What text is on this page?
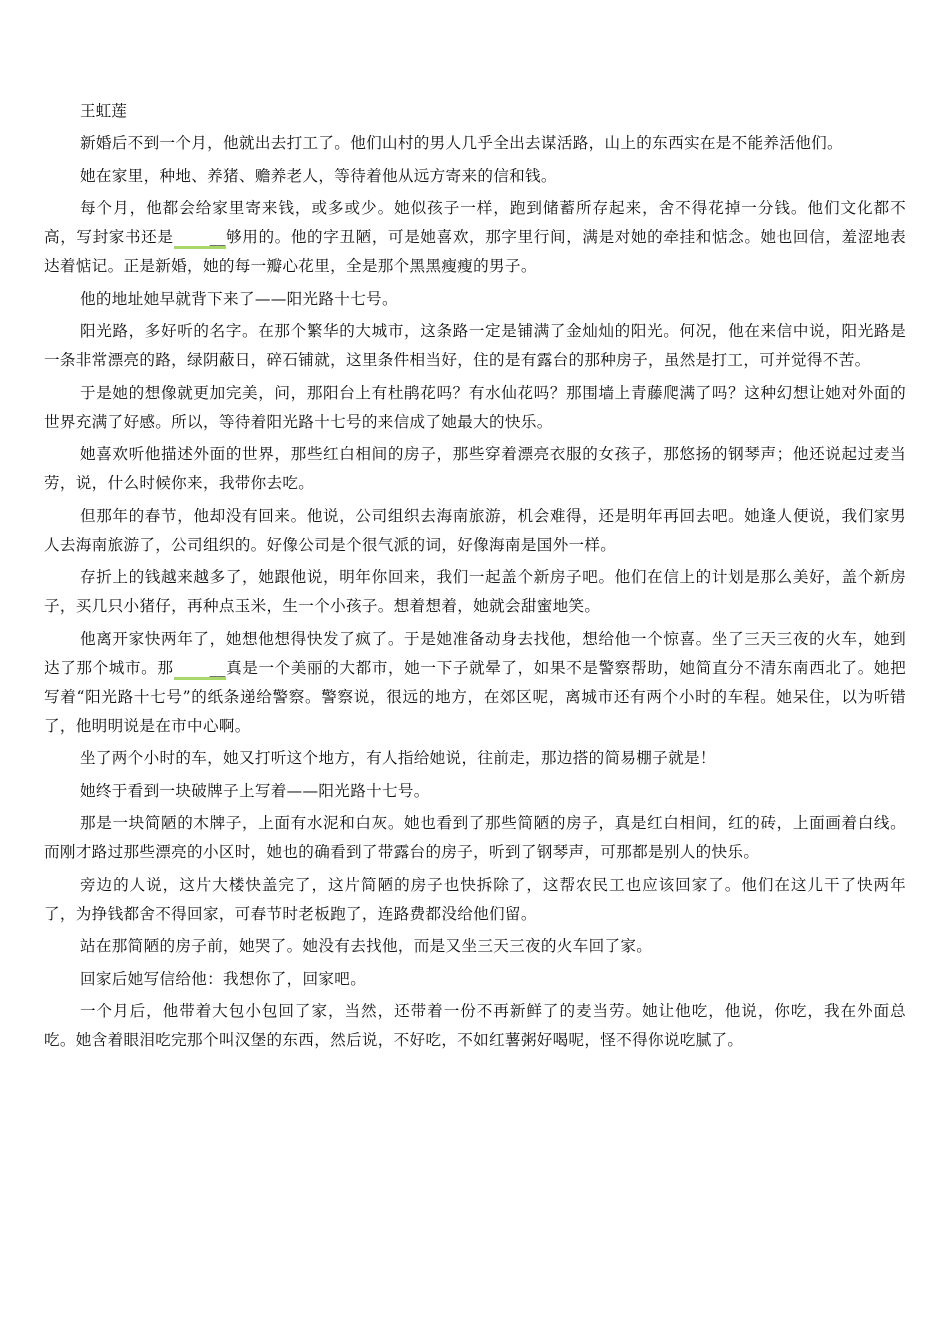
王虹莲

新婚后不到一个月，他就出去打工了。他们山村的男人几乎全出去谋活路，山上的东西实在是不能养活他们。

她在家里，种地、养猪、赡养老人，等待着他从远方寄来的信和钱。

每个月，他都会给家里寄来钱，或多或少。她似孩子一样，跑到储蓄所存起来，舍不得花掉一分钱。他们文化都不高，写封家书还是 __够用的。他的字丑陋，可是她喜欢，那字里行间，满是对她的牵挂和惦念。她也回信，羞涩地表达着惦记。正是新婚，她的每一瓣心花里，全是那个黑黑瘦瘦的男子。

他的地址她早就背下来了——阳光路十七号。

阳光路，多好听的名字。在那个繁华的大城市，这条路一定是铺满了金灿灿的阳光。何况，他在来信中说，阳光路是一条非常漂亮的路，绿阴蔽日，碎石铺就，这里条件相当好，住的是有露台的那种房子，虽然是打工，可并觉得不苦。

于是她的想像就更加完美，问，那阳台上有杜鹃花吗？有水仙花吗？那围墙上青藤爬满了吗？这种幻想让她对外面的世界充满了好感。所以，等待着阳光路十七号的来信成了她最大的快乐。

她喜欢听他描述外面的世界，那些红白相间的房子，那些穿着漂亮衣服的女孩子，那悠扬的钢琴声；他还说起过麦当劳，说，什么时候你来，我带你去吃。

但那年的春节，他却没有回来。他说，公司组织去海南旅游，机会难得，还是明年再回去吧。她逢人便说，我们家男人去海南旅游了，公司组织的。好像公司是个很气派的词，好像海南是国外一样。

存折上的钱越来越多了，她跟他说，明年你回来，我们一起盖个新房子吧。他们在信上的计划是那么美好，盖个新房子，买几只小猪仔，再种点玉米，生一个小孩子。想着想着，她就会甜蜜地笑。

他离开家快两年了，她想他想得快发了疯了。于是她准备动身去找他，想给他一个惊喜。坐了三天三夜的火车，她到达了那个城市。那 __真是一个美丽的大都市，她一下子就晕了，如果不是警察帮助，她简直分不清东南西北了。她把写着“阳光路十七号”的纸条递给警察。警察说，很远的地方，在郊区呢，离城市还有两个小时的车程。她呆住，以为听错了，他明明说是在市中心啊。

坐了两个小时的车，她又打听这个地方，有人指给她说，往前走，那边搭的简易棚子就是！

她终于看到一块破牌子上写着——阳光路十七号。

那是一块简陋的木牌子，上面有水泥和白灰。她也看到了那些简陋的房子，真是红白相间，红的砖，上面画着白线。而刚才路过那些漂亮的小区时，她也的确看到了带露台的房子，听到了钢琴声，可那都是别人的快乐。

旁边的人说，这片大楼快盖完了，这片简陋的房子也快拆除了，这帮农民工也应该回家了。他们在这儿干了快两年了，为挣钱都舍不得回家，可春节时老板跑了，连路费都没给他们留。

站在那简陋的房子前，她哭了。她没有去找他，而是又坐三天三夜的火车回了家。

回家后她写信给他：我想你了，回家吧。

一个月后，他带着大包小包回了家，当然，还带着一份不再新鲜了的麦当劳。她让他吃，他说，你吃，我在外面总吃。她含着眼泪吃完那个叫汉堡的东西，然后说，不好吃，不如红薯粥好喝呢，怪不得你说吃腻了。
